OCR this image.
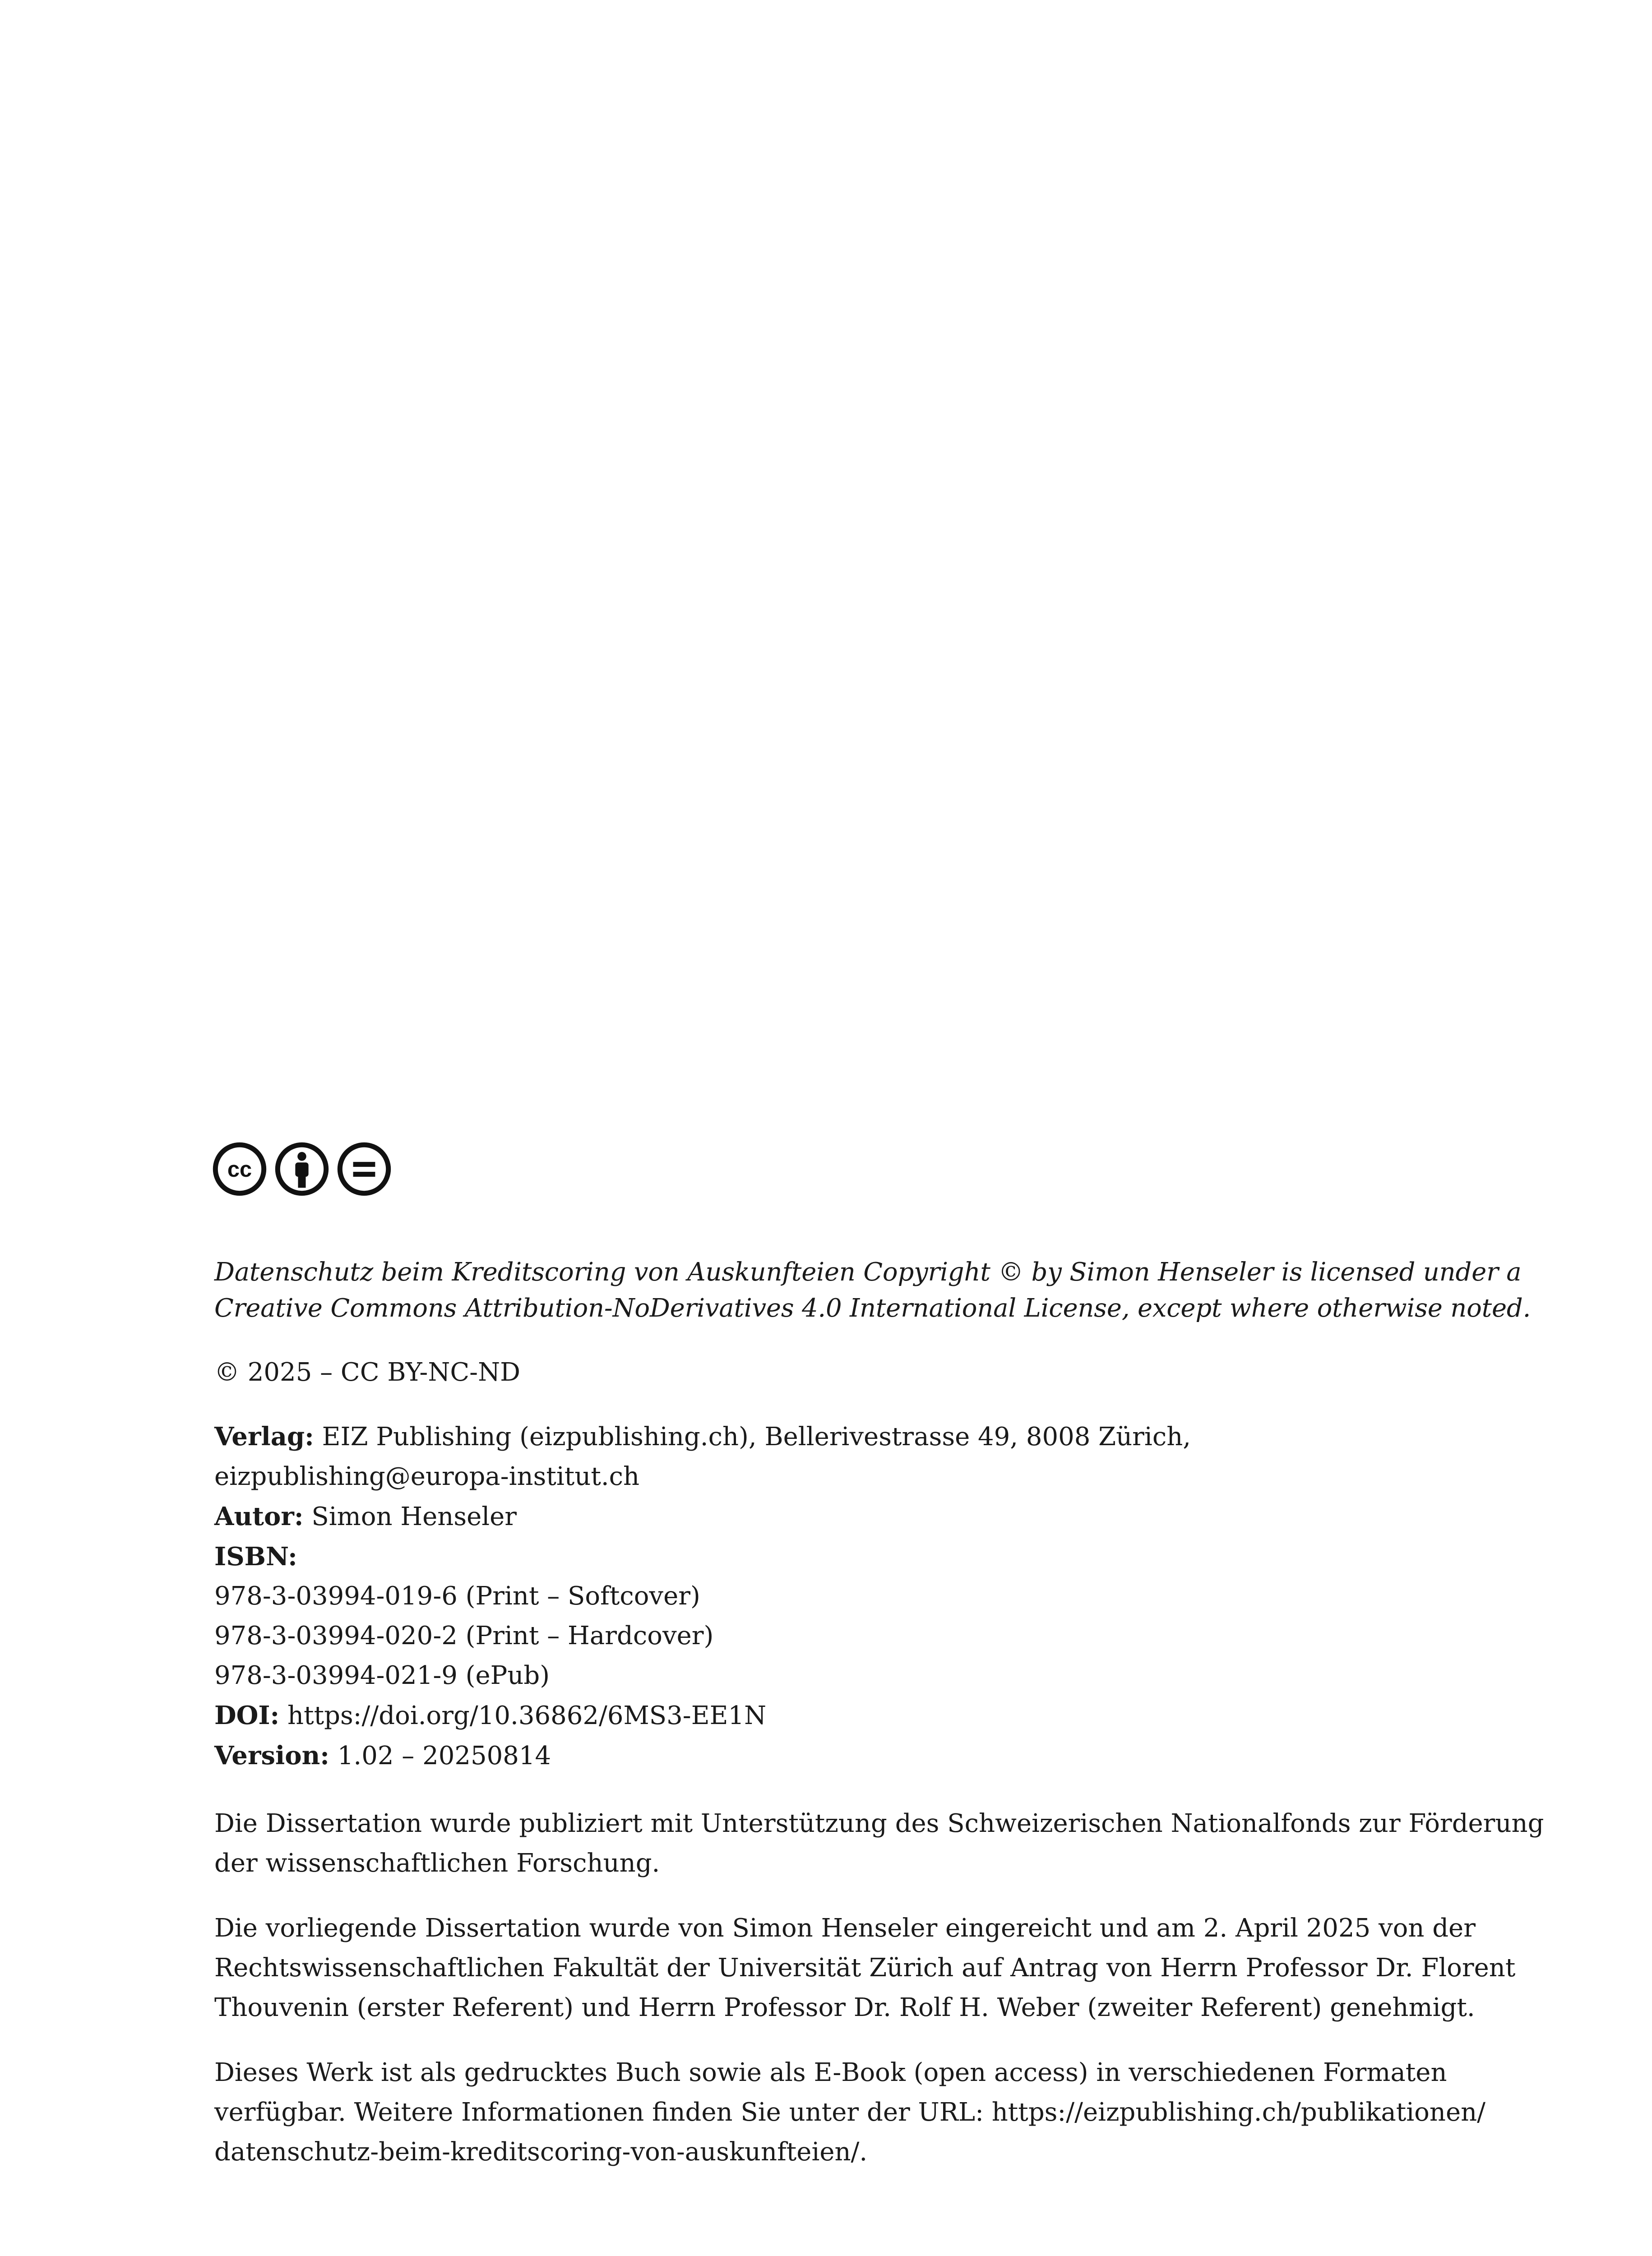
cc
Datenschutz beim Kreditscoring von Auskunfteien Copyright © by Simon Henseler is licensed under a
Creative Commons Attribution-NoDerivatives 4.0 International License, except where otherwise noted.
© 2025 – CC BY-NC-ND
Verlag: EIZ Publishing (eizpublishing.ch), Bellerivestrasse 49, 8008 Zürich,
eizpublishing@europa-institut.ch
Autor: Simon Henseler
ISBN:
978-3-03994-019-6 (Print – Softcover)
978-3-03994-020-2 (Print – Hardcover)
978-3-03994-021-9 (ePub)
DOI: https://doi.org/10.36862/6MS3-EE1N
Version: 1.02 – 20250814
Die Dissertation wurde publiziert mit Unterstützung des Schweizerischen Nationalfonds zur Förderung
der wissenschaftlichen Forschung.
Die vorliegende Dissertation wurde von Simon Henseler eingereicht und am 2. April 2025 von der
Rechtswissenschaftlichen Fakultät der Universität Zürich auf Antrag von Herrn Professor Dr. Florent
Thouvenin (erster Referent) und Herrn Professor Dr. Rolf H. Weber (zweiter Referent) genehmigt.
Dieses Werk ist als gedrucktes Buch sowie als E-Book (open access) in verschiedenen Formaten
verfügbar. Weitere Informationen finden Sie unter der URL: https://eizpublishing.ch/publikationen/
datenschutz-beim-kreditscoring-von-auskunfteien/.
